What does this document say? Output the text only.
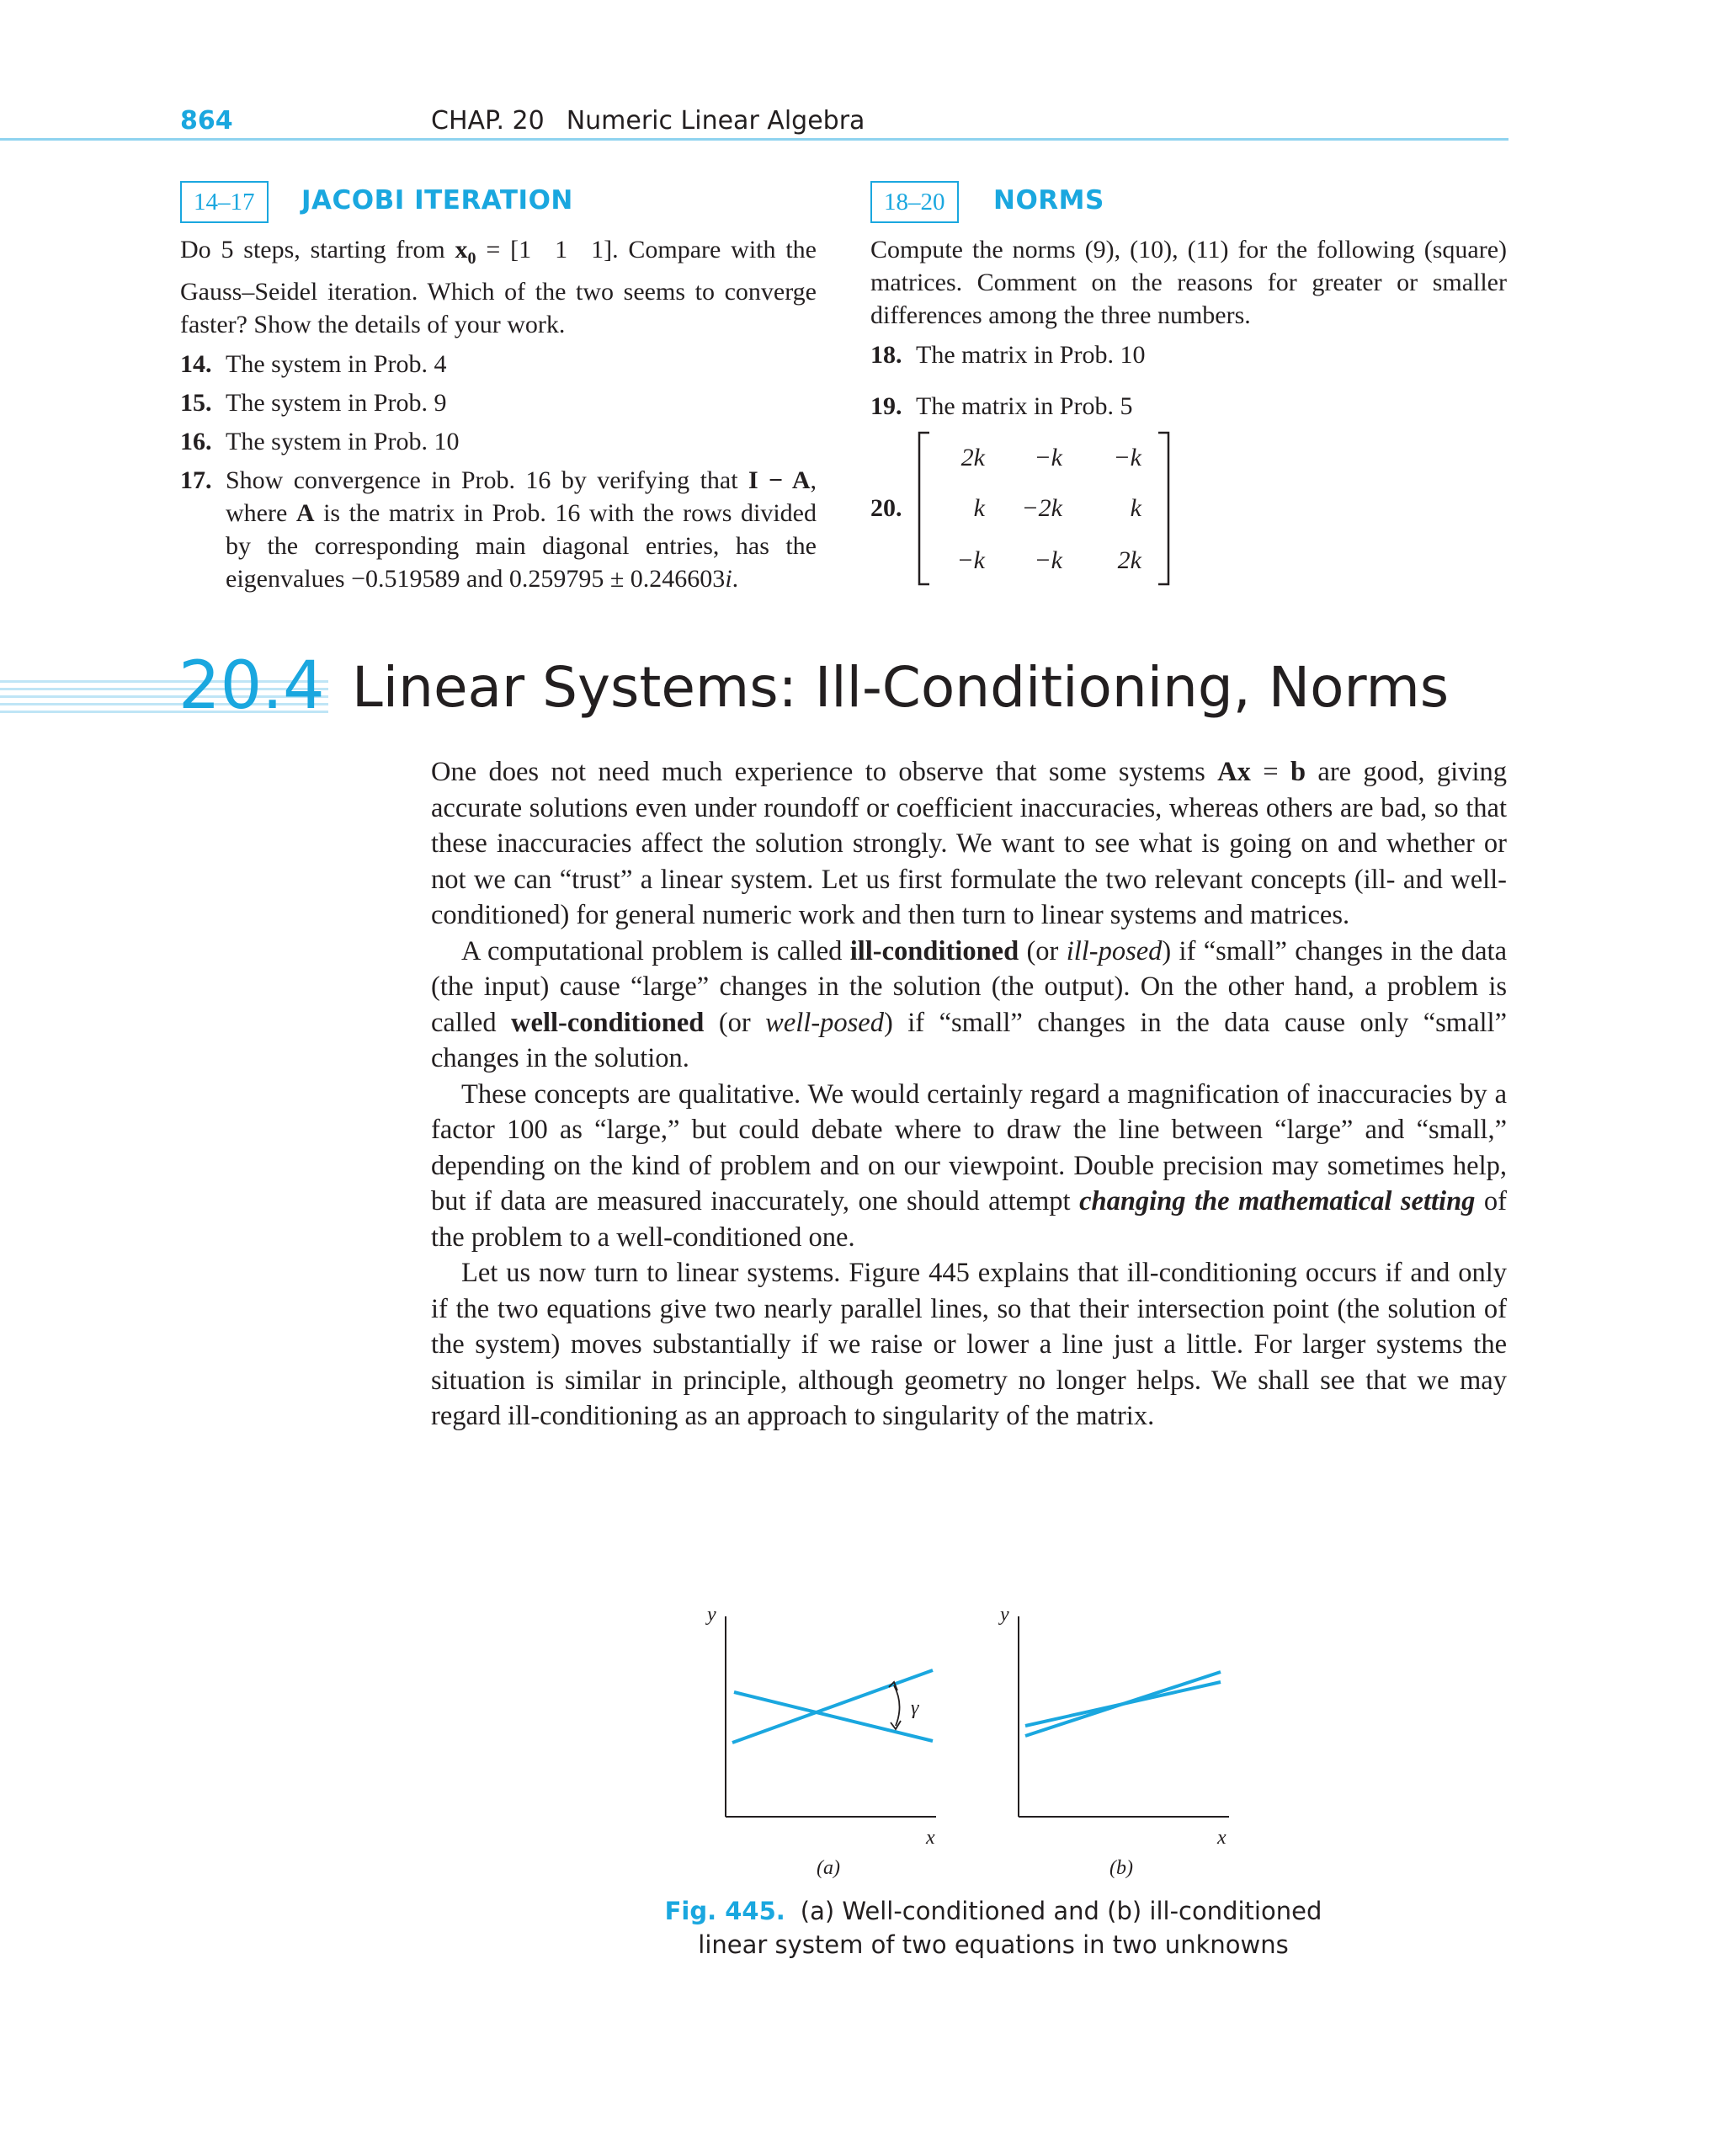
864	CHAP. 20 Numeric Linear Algebra
14–17	JACOBI ITERATION

Do 5 steps, starting from $x_0 = [1$ 1 1]. Compare with the Gauss–Seidel iteration. Which of the two seems to converge faster? Show the details of your work.

14. The system in Prob. 4
15. The system in Prob. 9
16. The system in Prob. 10
17. Show convergence in Prob. 16 by verifying that I − A, where A is the matrix in Prob. 16 with the rows divided by the corresponding main diagonal entries, has the eigenvalues −0.519589 and 0.259795 ± 0.246603i.
18–20	NORMS

Compute the norms (9), (10), (11) for the following (square) matrices. Comment on the reasons for greater or smaller differences among the three numbers.

18. The matrix in Prob. 10
19. The matrix in Prob. 5
20.
2k	−k	−k
k	−2k	k
−k	−k	2k
20.4 Linear Systems: Ill-Conditioning, Norms

One does not need much experience to observe that some systems Ax = b are good, giving accurate solutions even under roundoff or coefficient inaccuracies, whereas others are bad, so that these inaccuracies affect the solution strongly. We want to see what is going on and whether or not we can “trust” a linear system. Let us first formulate the two relevant concepts (ill- and well-conditioned) for general numeric work and then turn to linear systems and matrices.

A computational problem is called ill-conditioned (or ill-posed) if “small” changes in the data (the input) cause “large” changes in the solution (the output). On the other hand, a problem is called well-conditioned (or well-posed) if “small” changes in the data cause only “small” changes in the solution.

These concepts are qualitative. We would certainly regard a magnification of inaccuracies by a factor 100 as “large,” but could debate where to draw the line between “large” and “small,” depending on the kind of problem and on our viewpoint. Double precision may sometimes help, but if data are measured inaccurately, one should attempt changing the mathematical setting of the problem to a well-conditioned one.

Let us now turn to linear systems. Figure 445 explains that ill-conditioning occurs if and only if the two equations give two nearly parallel lines, so that their intersection point (the solution of the system) moves substantially if we raise or lower a line just a little. For larger systems the situation is similar in principle, although geometry no longer helps. We shall see that we may regard ill-conditioning as an approach to singularity of the matrix.

y
x
γ
(a)
y
x
(b)
Fig. 445. (a) Well-conditioned and (b) ill-conditioned
linear system of two equations in two unknowns
